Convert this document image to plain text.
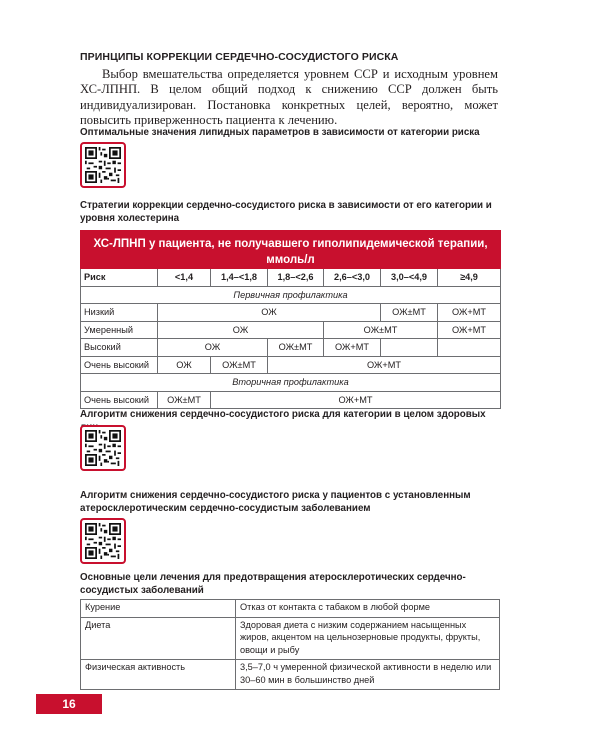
ПРИНЦИПЫ КОРРЕКЦИИ СЕРДЕЧНО-СОСУДИСТОГО РИСКА

Выбор вмешательства определяется уровнем ССР и исходным уровнем ХС-ЛПНП. В целом общий подход к снижению ССР должен быть индивидуализирован. Постановка конкретных целей, вероятно, может повысить приверженность пациента к лечению.

Оптимальные значения липидных параметров в зависимости от категории риска
Стратегии коррекции сердечно-сосудистого риска в зависимости от его категории и уровня холестерина
ХС-ЛПНП у пациента, не получавшего гиполипидемической терапии, ммоль/л						
Риск	<1,4	1,4–<1,8	1,8–<2,6	2,6–<3,0	3,0–<4,9	≥4,9
Первичная профилактика						
Низкий	ОЖ				ОЖ±МТ	ОЖ+МТ
Умеренный	ОЖ			ОЖ±МТ		ОЖ+МТ
Высокий	ОЖ		ОЖ±МТ	ОЖ+МТ		
Очень высокий	ОЖ	ОЖ±МТ	ОЖ+МТ			
Вторичная профилактика						
Очень высокий	ОЖ±МТ	ОЖ+МТ				
Алгоритм снижения сердечно-сосудистого риска для категории в целом здоровых
Алгоритм снижения сердечно-сосудистого риска у пациентов с установленным атеросклеротическим сердечно-сосудистым заболеванием
Основные цели лечения для предотвращения атеросклеротических сердечно-сосудистых заболеваний
Курение	Отказ от контакта с табаком в любой форме
Диета	Здоровая диета с низким содержанием насыщенных жиров, акцентом на цельнозерновые продукты, фрукты, овощи и рыбу
Физическая активность	3,5–7,0 ч умеренной физической активности в неделю или 30–60 мин в большинство дней
16
